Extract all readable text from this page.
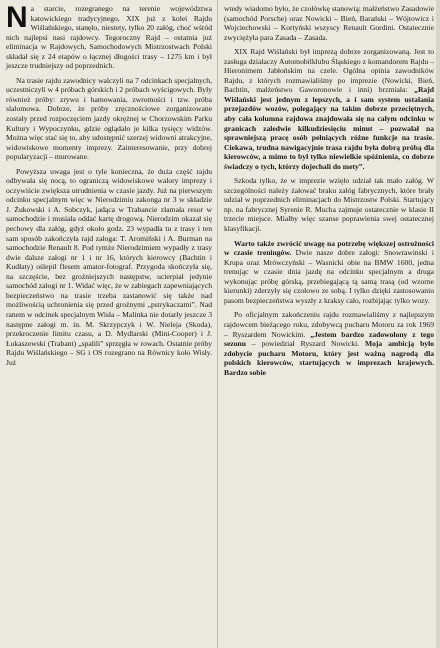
Na starcie, rozegranego na terenie województwa katowickiego tradycyjnego, XIX już z kolei Rajdu Wiślańskiego, stanęło, niestety, tylko 20 załóg, choć wśród nich najlepsi nasi rajdowcy. Tegoroczny Rajd – ostatnia już eliminacja w Rajdowych, Samochodowych Mistrzostwach Polski składał się z 24 etapów o łącznej długości trasy – 1275 km i był jeszcze trudniejszy od poprzednich.

Na trasie rajdu zawodnicy walczyli na 7 odcinkach specjalnych, uczestniczyli w 4 próbach górskich i 2 próbach wyścigowych. Były również próby: zrywu i hamowania, zwrotności i tzw. próba slalomowa. Dobrze, że próby zręcznościowe zorganizowane zostały przed rozpoczęciem jazdy okrężnej w Chorzowskim Parku Kultury i Wypoczynku, gdzie oglądało je kilka tysięcy widzów. Można więc stać się to, aby udostępnić szerzej widowni atrakcyjne, widowiskowe momenty imprezy. Zainteresowanie, przy dobrej popularyzacji – murowane.

Powyższa uwaga jest o tyle konieczna, że duża część rajdu odbywała się nocą, to ograniczą widowiskowe walory imprezy i oczywiście zwiększa utrudnienia w czasie jazdy. Już na pierwszym odcinku specjalnym więc w Nierodzimiu zakonga nr 3 w składzie J. Żukowski i A. Sobczyk, jadąca w Trabancie złamała resor w samochodzie i musiała oddać kartę drogową. Nierodzim okazał się pechowy dla załóg, gdyż około godz. 23 wypadła tu z trasy i ten sam sposób zakończyła rajd załoga: T. Aromiński i A. Burman na samochodzie Renault 8. Pod tymże Nierodzimiem wypadły z trasy dwie dalsze załogi nr 1 i nr 16, których kierowcy (Bachtin i Kudłaty) oślepił flesem amator-fotograf. Przygoda skończyła się, na szczęście, bez groźniejszych następstw, ucierpiał jedynie samochód załogi nr 1. Widać więc, że w zabiegach zapewniających bezpieczeństwo na trasie trzeba zastanowić się także nad możliwością uchronienia się przed groźnymi „pstrykaczami”. Nad ranem w odcinek specjalnym Wisła – Malinka nie dotarły jeszcze 3 następne załogi m. in. M. Skrzypczyk i W. Nieleja (Skoda), przekroczenie limitu czasu, a D. Mydlarski (Mini-Cooper) i J. Łukaszewski (Trabant) „spalili” sprzęgła w rowach. Ostatnie próby Rajdu Wiślańskiego – SG i OS rozegrano na Równicy koło Wisły. Już

wtedy wiadomo było, że czołówkę stanowią: małżeństwo Zasadowie (samochód Porsche) oraz Nowicki – Bień, Barański – Wójtowicz i Wojciechowski – Kortyński wszyscy Renault Gordini. Ostatecznie zwyciężyła para Zasada – Zasada.

XIX Rajd Wiślański był imprezą dobrze zorganizowaną. Jest to zasługa działaczy Automobilklubu Śląskiego z komandorem Rajdu – Hieronimem Jabłońskim na czele. Ogólna opinia zawodników Rajdu, z których rozmawialiśmy po imprezie (Nowicki, Bień, Bachtin, małżeństwo Gaworonowie i inni) brzmiała: „Rajd Wiślański jest jednym z lepszych, a i sam system ustalania przejazdów wozów, polegający na takim dobrze przeciętnych, aby cała kolumna rajdowa znajdowała się na całym odcinku w granicach zaledwie kilkudziesięciu minut – pozwalał na sprawniejszą pracę osób pełniących różne funkcje na trasie. Ciekawa, trudna nawigacyjnie trasa rajdu była dobrą próbą dla kierowców, a mimo to był tylko niewielkie spóźnienia, co dobrze świadczy o tych, którzy dojechali do mety”.

Szkoda tylko, że w imprezie wzięło udział tak mało załóg. W szczególności należy żałować braku załóg fabrycznych, które brały udział w poprzednich eliminacjach do Mistrzostw Polski. Startujący np. na fabrycznej Syrenie R. Mucha zajmuje ostatecznie w klasie II trzecie miejsce. Miałby więc szanse poprawienia swej ostatecznej klasyfikacji.

Warto także zwrócić uwagę na potrzebę większej ostrożności w czasie treningów. Dwie nasze dobre załogi: Snowrawinski i Krupa oraz Mrówczyński – Wasnicki obie na BMW 1600, jedna trenując w czasie dnia jazdę na odcinku specjalnym a druga wykonując próbę górską, przebiegającą tą samą trasą (od wzorne kierunki) zderzyły się czołowo ze sobą. I tylko dzięki zastosowaniu pasom bezpieczeństwa wyszły z kraksy cało, rozbijając tylko wozy.

Po oficjalnym zakończeniu rajdu rozmawialiśmy z najlepszym rajdowcem bieżącego roku, zdobywcą pucharu Motoru za rok 1969 – Ryszardem Nowickim. „Jestem bardzo zadowolony z tego sezonu – powiedział Ryszard Nowicki. Moja ambicją było zdobycie pucharu Motoru, który jest ważną nagrodą dla polskich kierowców, startujących w imprezach krajowych. Bardzo sobie
